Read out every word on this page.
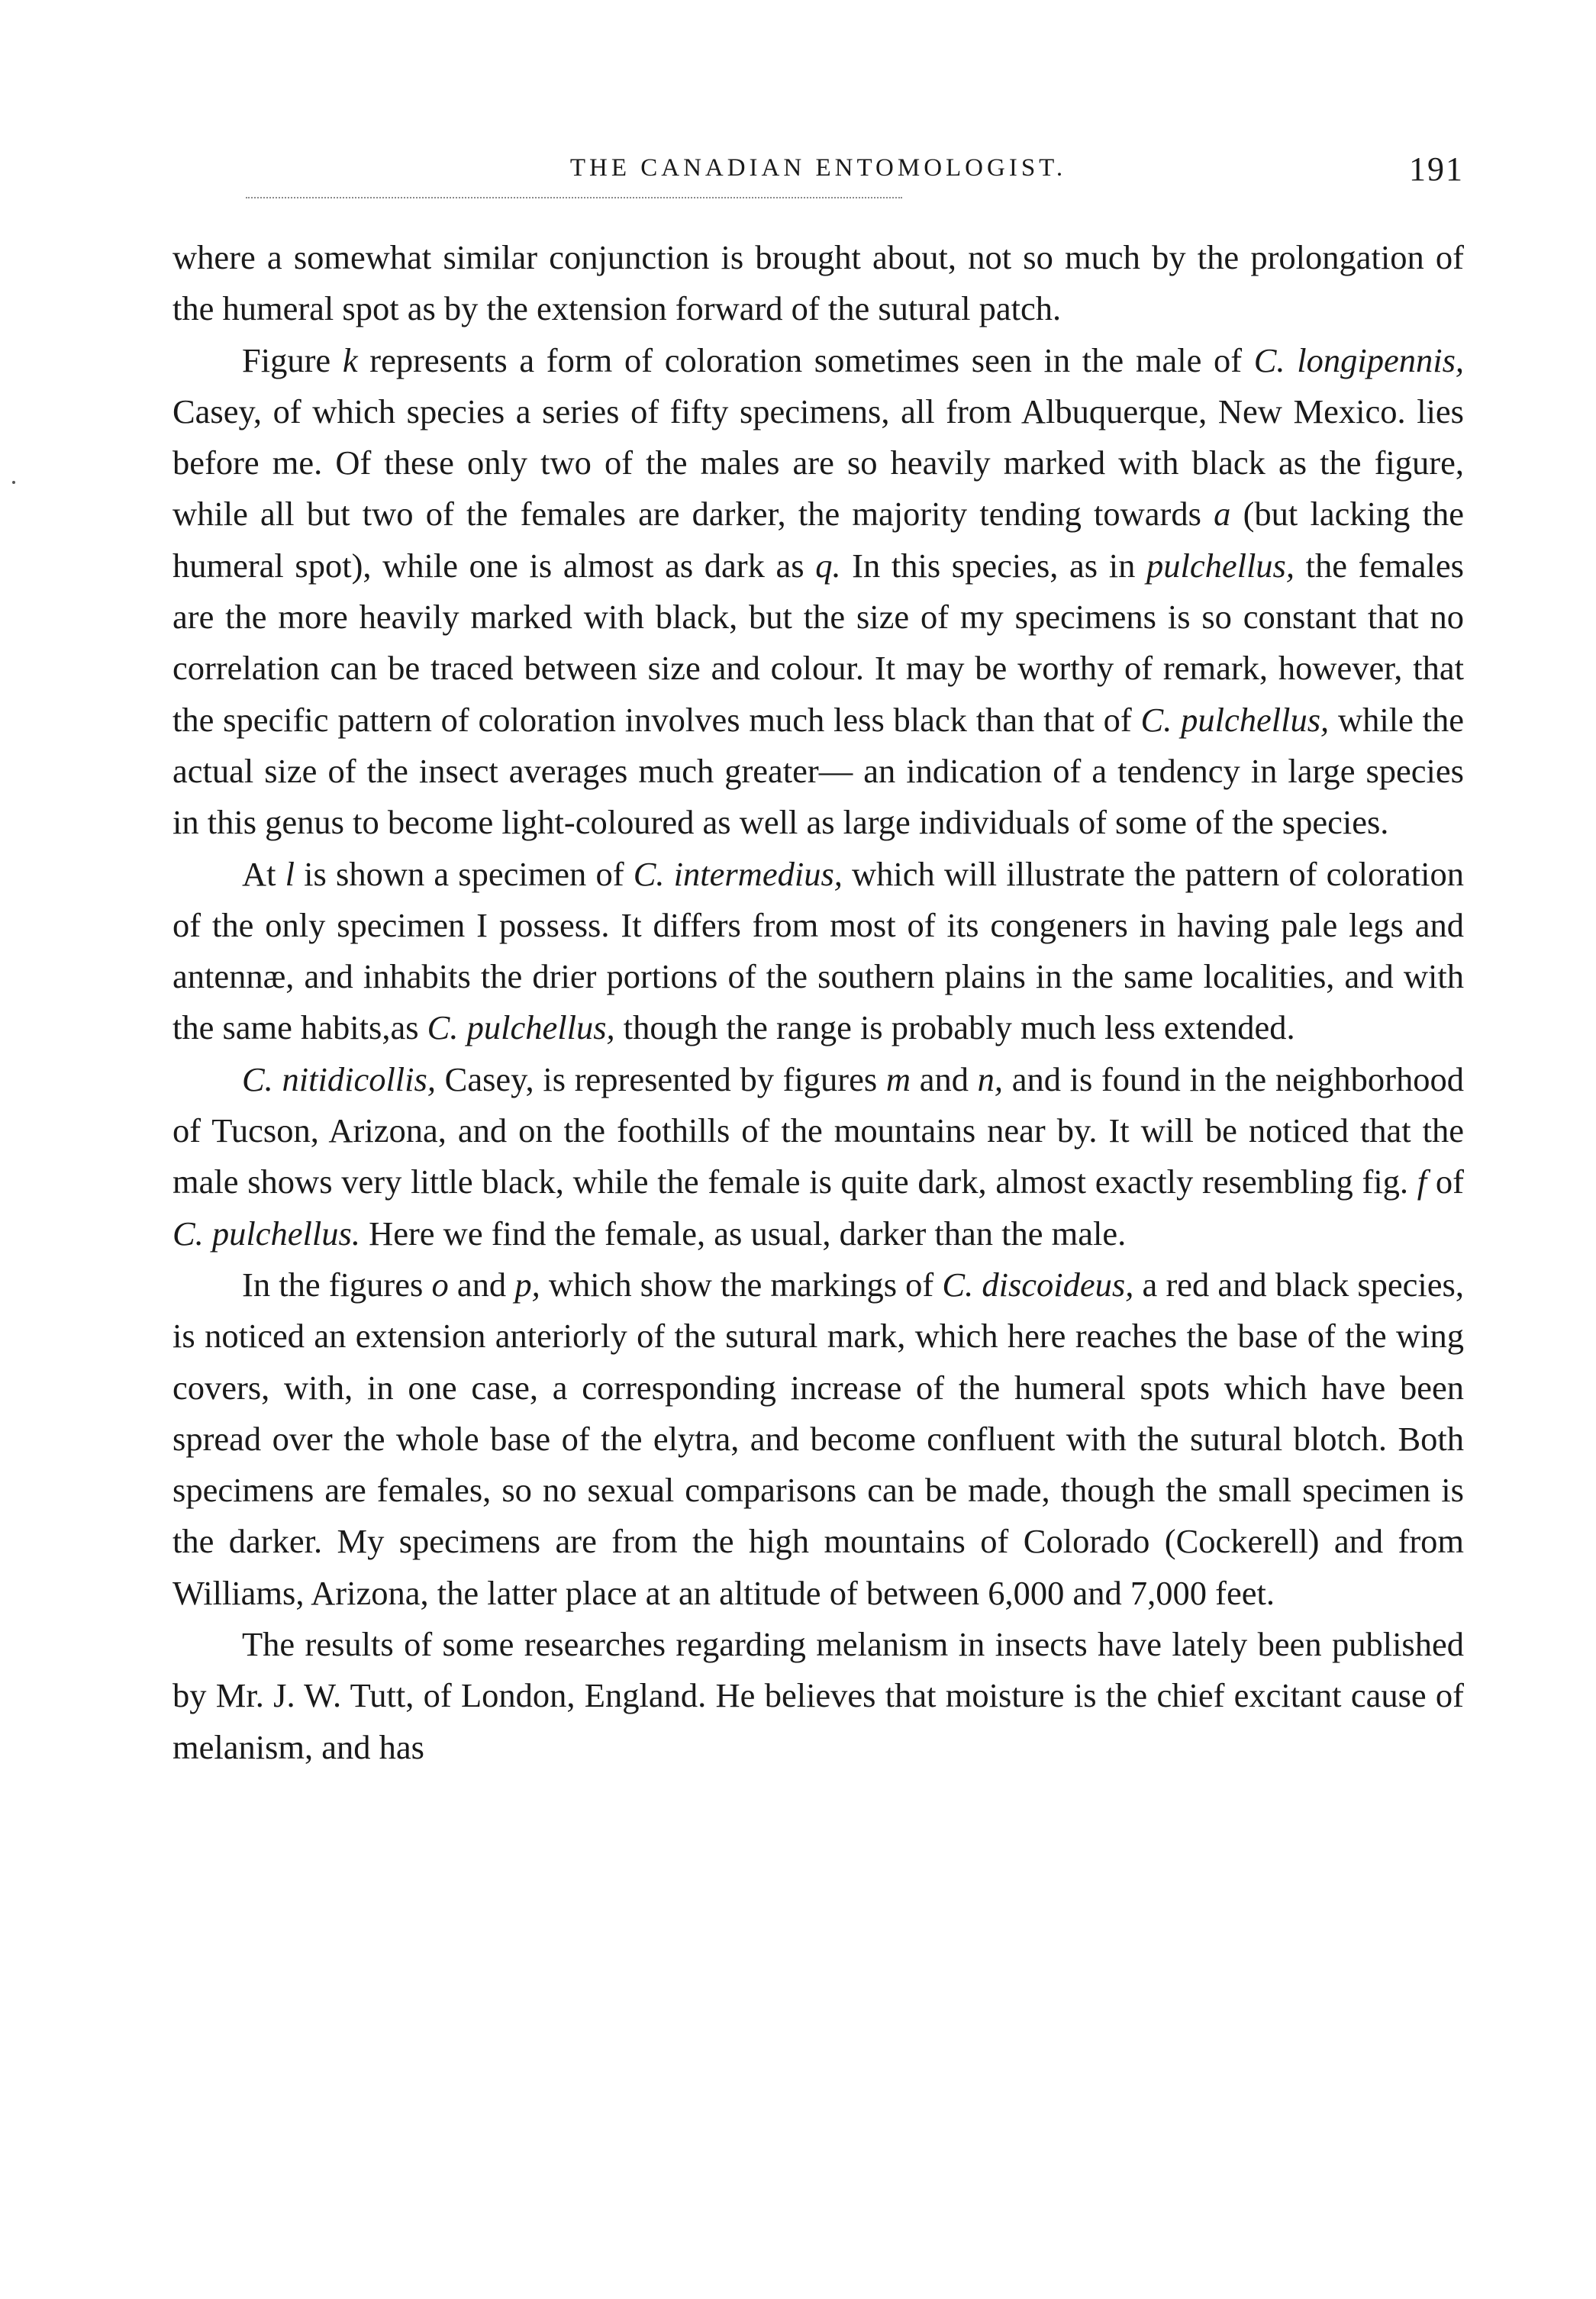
THE CANADIAN ENTOMOLOGIST.	191

where a somewhat similar conjunction is brought about, not so much by the prolongation of the humeral spot as by the extension forward of the sutural patch.

Figure k represents a form of coloration sometimes seen in the male of C. longipennis, Casey, of which species a series of fifty specimens, all from Albuquerque, New Mexico. lies before me. Of these only two of the males are so heavily marked with black as the figure, while all but two of the females are darker, the majority tending towards a (but lacking the humeral spot), while one is almost as dark as q. In this species, as in pulchellus, the females are the more heavily marked with black, but the size of my specimens is so constant that no correlation can be traced between size and colour. It may be worthy of remark, however, that the specific pattern of coloration involves much less black than that of C. pulchellus, while the actual size of the insect averages much greater— an indication of a tendency in large species in this genus to become light-coloured as well as large individuals of some of the species.

At l is shown a specimen of C. intermedius, which will illustrate the pattern of coloration of the only specimen I possess. It differs from most of its congeners in having pale legs and antennæ, and inhabits the drier portions of the southern plains in the same localities, and with the same habits,as C. pulchellus, though the range is probably much less extended.

C. nitidicollis, Casey, is represented by figures m and n, and is found in the neighborhood of Tucson, Arizona, and on the foothills of the mountains near by. It will be noticed that the male shows very little black, while the female is quite dark, almost exactly resembling fig. f of C. pulchellus. Here we find the female, as usual, darker than the male.

In the figures o and p, which show the markings of C. discoideus, a red and black species, is noticed an extension anteriorly of the sutural mark, which here reaches the base of the wing covers, with, in one case, a corresponding increase of the humeral spots which have been spread over the whole base of the elytra, and become confluent with the sutural blotch. Both specimens are females, so no sexual comparisons can be made, though the small specimen is the darker. My specimens are from the high mountains of Colorado (Cockerell) and from Williams, Arizona, the latter place at an altitude of between 6,000 and 7,000 feet.

The results of some researches regarding melanism in insects have lately been published by Mr. J. W. Tutt, of London, England. He believes that moisture is the chief excitant cause of melanism, and has
